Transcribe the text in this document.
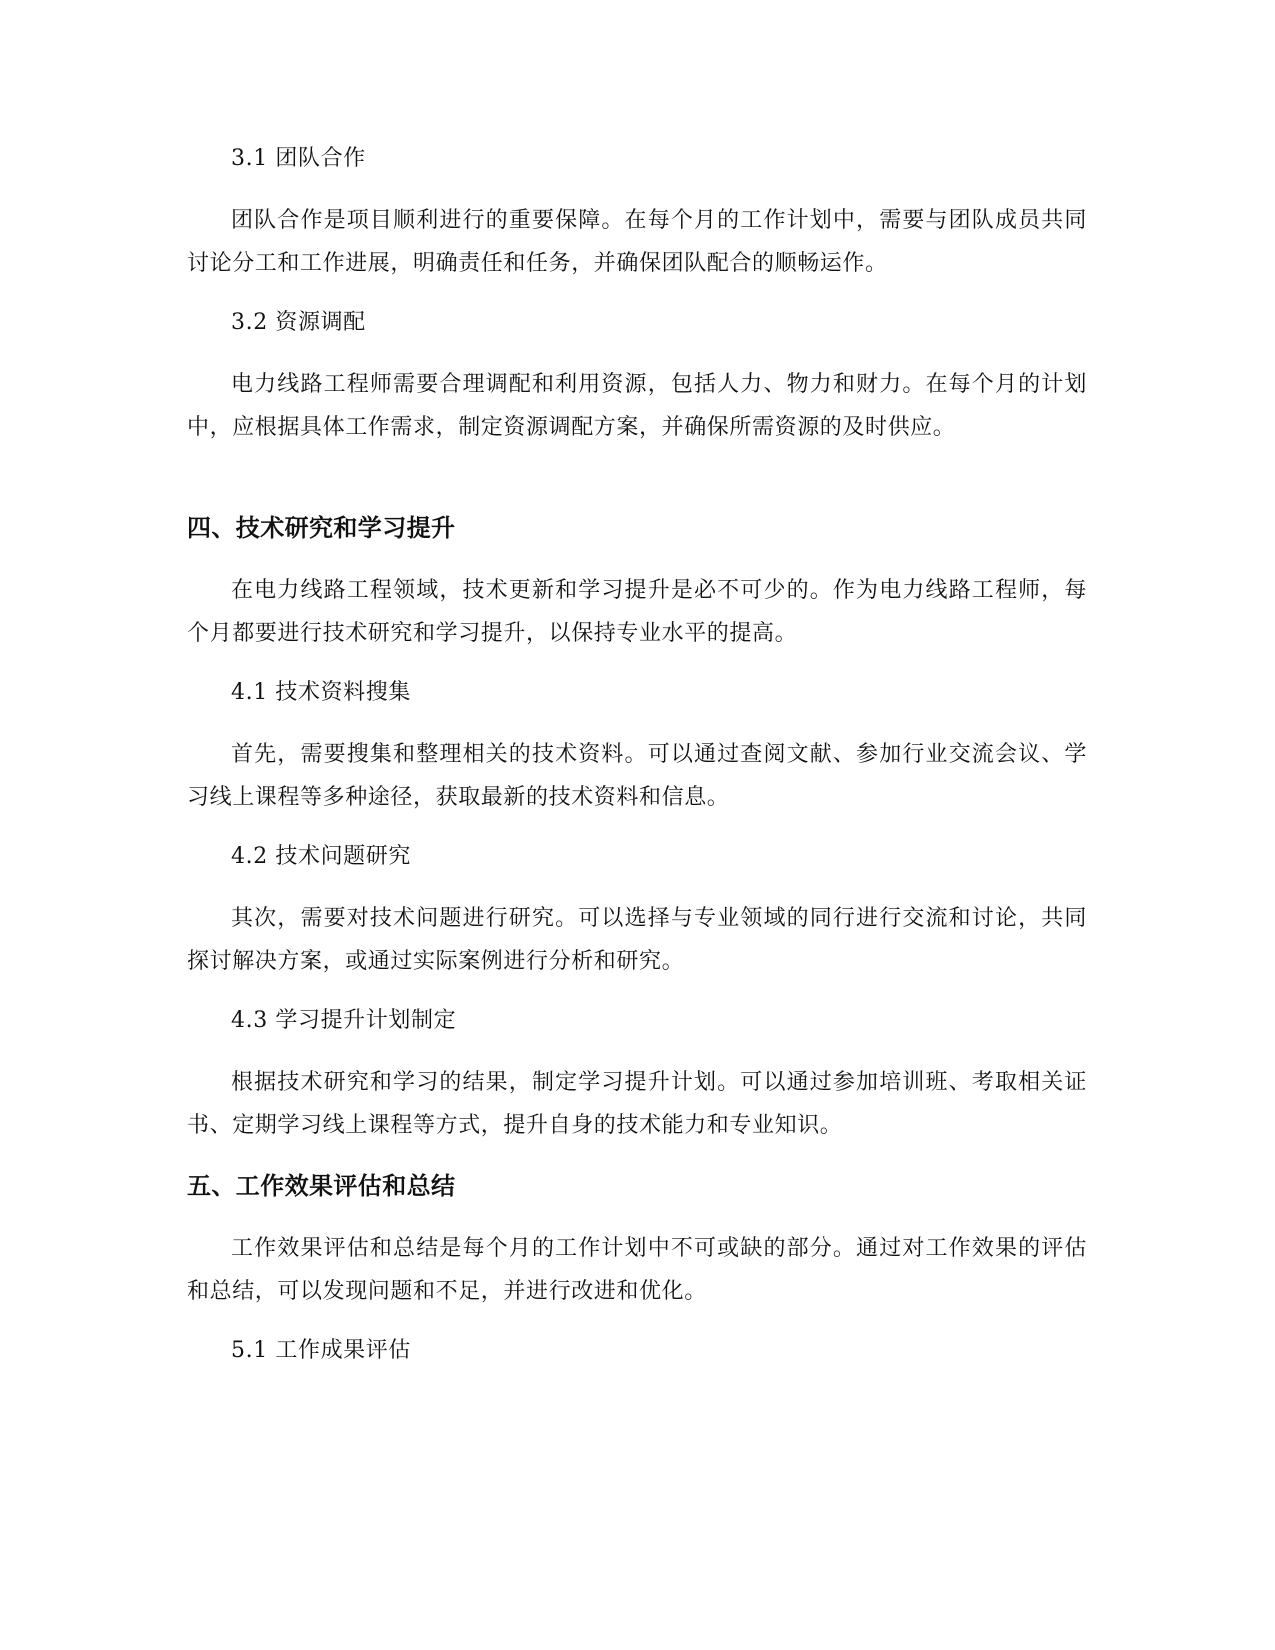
3.1 团队合作

团队合作是项目顺利进行的重要保障。在每个月的工作计划中，需要与团队成员共同讨论分工和工作进展，明确责任和任务，并确保团队配合的顺畅运作。

3.2 资源调配

电力线路工程师需要合理调配和利用资源，包括人力、物力和财力。在每个月的计划中，应根据具体工作需求，制定资源调配方案，并确保所需资源的及时供应。

四、技术研究和学习提升

在电力线路工程领域，技术更新和学习提升是必不可少的。作为电力线路工程师，每个月都要进行技术研究和学习提升，以保持专业水平的提高。

4.1 技术资料搜集

首先，需要搜集和整理相关的技术资料。可以通过查阅文献、参加行业交流会议、学习线上课程等多种途径，获取最新的技术资料和信息。

4.2 技术问题研究

其次，需要对技术问题进行研究。可以选择与专业领域的同行进行交流和讨论，共同探讨解决方案，或通过实际案例进行分析和研究。

4.3 学习提升计划制定

根据技术研究和学习的结果，制定学习提升计划。可以通过参加培训班、考取相关证书、定期学习线上课程等方式，提升自身的技术能力和专业知识。

五、工作效果评估和总结

工作效果评估和总结是每个月的工作计划中不可或缺的部分。通过对工作效果的评估和总结，可以发现问题和不足，并进行改进和优化。

5.1 工作成果评估
